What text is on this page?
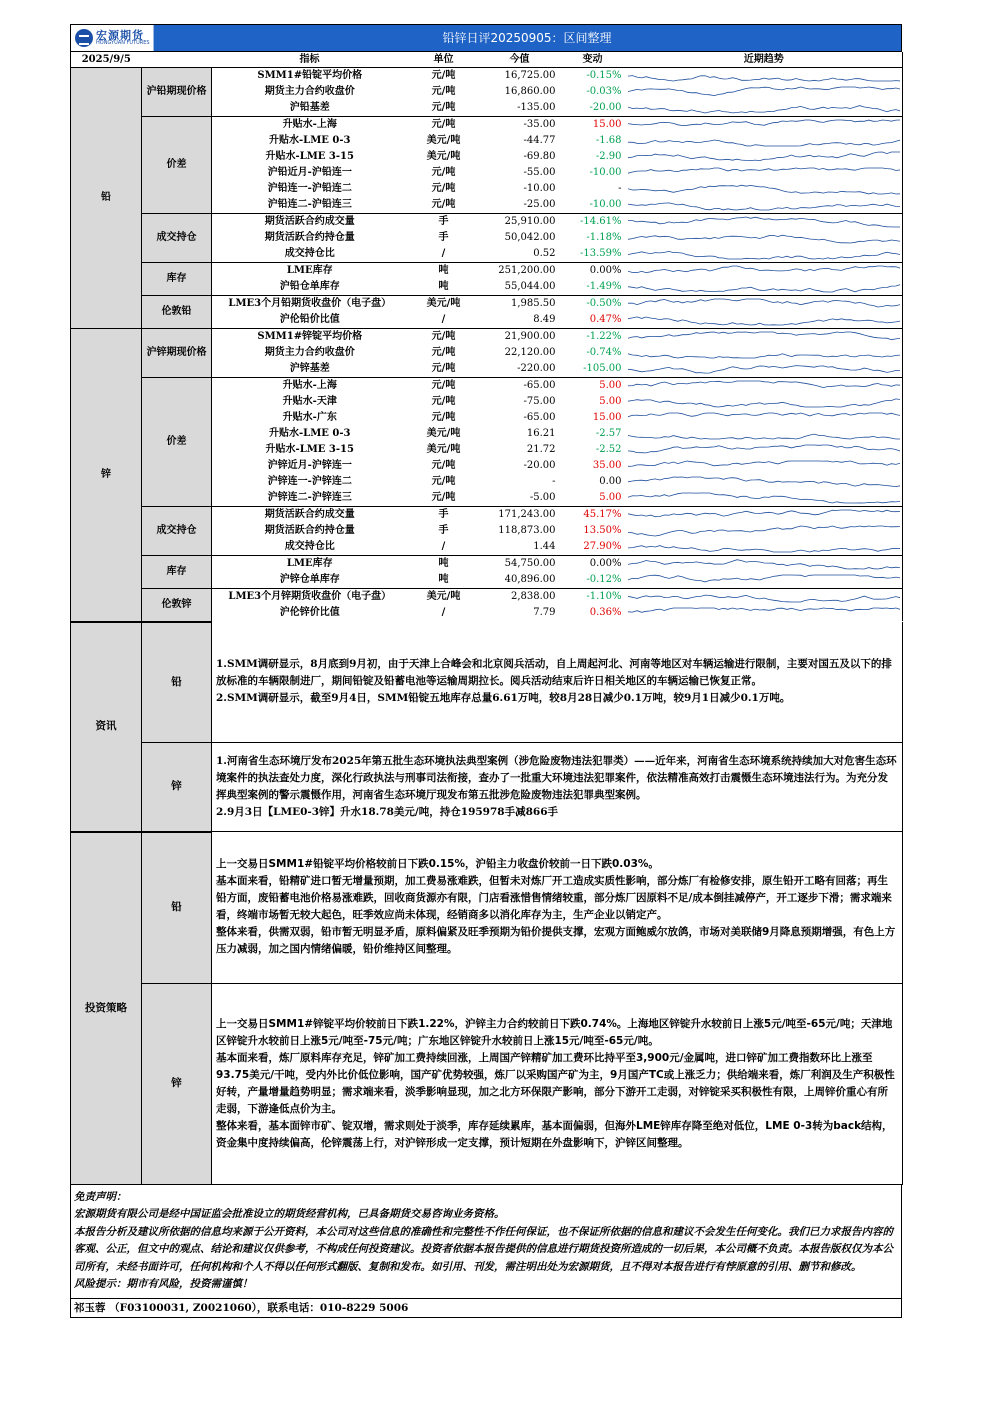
宏源期货
HONGYUAN FUTURES	铅锌日评20250905：区间整理
2025/9/5		指标	单位	今值	变动	近期趋势
铅	沪铅期现价格	SMM1#铅锭平均价格	元/吨	16,725.00	-0.15%	

		期货主力合约收盘价	元/吨	16,860.00	-0.03%	

		沪铅基差	元/吨	-135.00	-20.00	

	价差	升贴水-上海	元/吨	-35.00	15.00	

		升贴水-LME 0-3	美元/吨	-44.77	-1.68	

		升贴水-LME 3-15	美元/吨	-69.80	-2.90	

		沪铅近月-沪铅连一	元/吨	-55.00	-10.00	

		沪铅连一-沪铅连二	元/吨	-10.00	-	

		沪铅连二-沪铅连三	元/吨	-25.00	-10.00	

	成交持仓	期货活跃合约成交量	手	25,910.00	-14.61%	

		期货活跃合约持仓量	手	50,042.00	-1.18%	

		成交持仓比	/	0.52	-13.59%	

	库存	LME库存	吨	251,200.00	0.00%	

		沪铅仓单库存	吨	55,044.00	-1.49%	

	伦敦铅	LME3个月铅期货收盘价（电子盘）	美元/吨	1,985.50	-0.50%	

		沪伦铅价比值	/	8.49	0.47%	

锌	沪锌期现价格	SMM1#锌锭平均价格	元/吨	21,900.00	-1.22%	

		期货主力合约收盘价	元/吨	22,120.00	-0.74%	

		沪锌基差	元/吨	-220.00	-105.00	

	价差	升贴水-上海	元/吨	-65.00	5.00	

		升贴水-天津	元/吨	-75.00	5.00	

		升贴水-广东	元/吨	-65.00	15.00	

		升贴水-LME 0-3	美元/吨	16.21	-2.57	

		升贴水-LME 3-15	美元/吨	21.72	-2.52	

		沪锌近月-沪锌连一	元/吨	-20.00	35.00	

		沪锌连一-沪锌连二	元/吨	-	0.00	

		沪锌连二-沪锌连三	元/吨	-5.00	5.00	

	成交持仓	期货活跃合约成交量	手	171,243.00	45.17%	

		期货活跃合约持仓量	手	118,873.00	13.50%	

		成交持仓比	/	1.44	27.90%	

	库存	LME库存	吨	54,750.00	0.00%	

		沪锌仓单库存	吨	40,896.00	-0.12%	

	伦敦锌	LME3个月锌期货收盘价（电子盘）	美元/吨	2,838.00	-1.10%	

		沪伦锌价比值	/	7.79	0.36%	
资讯	铅	1.SMM调研显示，8月底到9月初，由于天津上合峰会和北京阅兵活动，自上周起河北、河南等地区对车辆运输进行限制，主要对国五及以下的排放标准的车辆限制进厂，期间铅锭及铅蓄电池等运输周期拉长。阅兵活动结束后许日相关地区的车辆运输已恢复正常。
2.SMM调研显示，截至9月4日，SMM铅锭五地库存总量6.61万吨，较8月28日减少0.1万吨，较9月1日减少0.1万吨。
	锌	1.河南省生态环境厅发布2025年第五批生态环境执法典型案例（涉危险废物违法犯罪类）——近年来，河南省生态环境系统持续加大对危害生态环境案件的执法查处力度，深化行政执法与刑事司法衔接，查办了一批重大环境违法犯罪案件，依法精准高效打击震慑生态环境违法行为。为充分发挥典型案例的警示震慑作用，河南省生态环境厅现发布第五批涉危险废物违法犯罪典型案例。
2.9月3日【LME0-3锌】升水18.78美元/吨，持仓195978手减866手
投资策略	铅	上一交易日SMM1#铅锭平均价格较前日下跌0.15%，沪铅主力收盘价较前一日下跌0.03%。
基本面来看，铅精矿进口暂无增量预期，加工费易涨难跌，但暂未对炼厂开工造成实质性影响，部分炼厂有检修安排，原生铅开工略有回落；再生铅方面，废铅蓄电池价格易涨难跌，回收商货源亦有限，门店看涨惜售情绪较重，部分炼厂因原料不足/成本倒挂减停产，开工逐步下滑；需求端来看，终端市场暂无较大起色，旺季效应尚未体现，经销商多以消化库存为主，生产企业以销定产。
整体来看，供需双弱，铅市暂无明显矛盾，原料偏紧及旺季预期为铅价提供支撑，宏观方面鲍威尔放鸽，市场对美联储9月降息预期增强，有色上方压力减弱，加之国内情绪偏暖，铅价维持区间整理。
	锌	上一交易日SMM1#锌锭平均价较前日下跌1.22%，沪锌主力合约较前日下跌0.74%。上海地区锌锭升水较前日上涨5元/吨至-65元/吨；天津地区锌锭升水较前日上涨5元/吨至-75元/吨；广东地区锌锭升水较前日上涨15元/吨至-65元/吨。
基本面来看，炼厂原料库存充足，锌矿加工费持续回涨，上周国产锌精矿加工费环比持平至3,900元/金属吨，进口锌矿加工费指数环比上涨至93.75美元/干吨，受内外比价低位影响，国产矿优势较强，炼厂以采购国产矿为主，9月国产TC或上涨乏力；供给端来看，炼厂利润及生产积极性好转，产量增量趋势明显；需求端来看，淡季影响显现，加之北方环保限产影响，部分下游开工走弱，对锌锭采买积极性有限，上周锌价重心有所走弱，下游逢低点价为主。
整体来看，基本面锌市矿、锭双增，需求则处于淡季，库存延续累库，基本面偏弱，但海外LME锌库存降至绝对低位，LME 0-3转为back结构，资金集中度持续偏高，伦锌震荡上行，对沪锌形成一定支撑，预计短期在外盘影响下，沪锌区间整理。
免责声明：
宏源期货有限公司是经中国证监会批准设立的期货经营机构，已具备期货交易咨询业务资格。
本报告分析及建议所依据的信息均来源于公开资料，本公司对这些信息的准确性和完整性不作任何保证，也不保证所依据的信息和建议不会发生任何变化。我们已力求报告内容的客观、公正，但文中的观点、结论和建议仅供参考，不构成任何投资建议。投资者依据本报告提供的信息进行期货投资所造成的一切后果，本公司概不负责。本报告版权仅为本公司所有，未经书面许可，任何机构和个人不得以任何形式翻版、复制和发布。如引用、刊发，需注明出处为宏源期货，且不得对本报告进行有悖原意的引用、删节和修改。
风险提示：期市有风险，投资需谨慎！
祁玉蓉 （F03100031, Z0021060），联系电话：010-8229 5006
